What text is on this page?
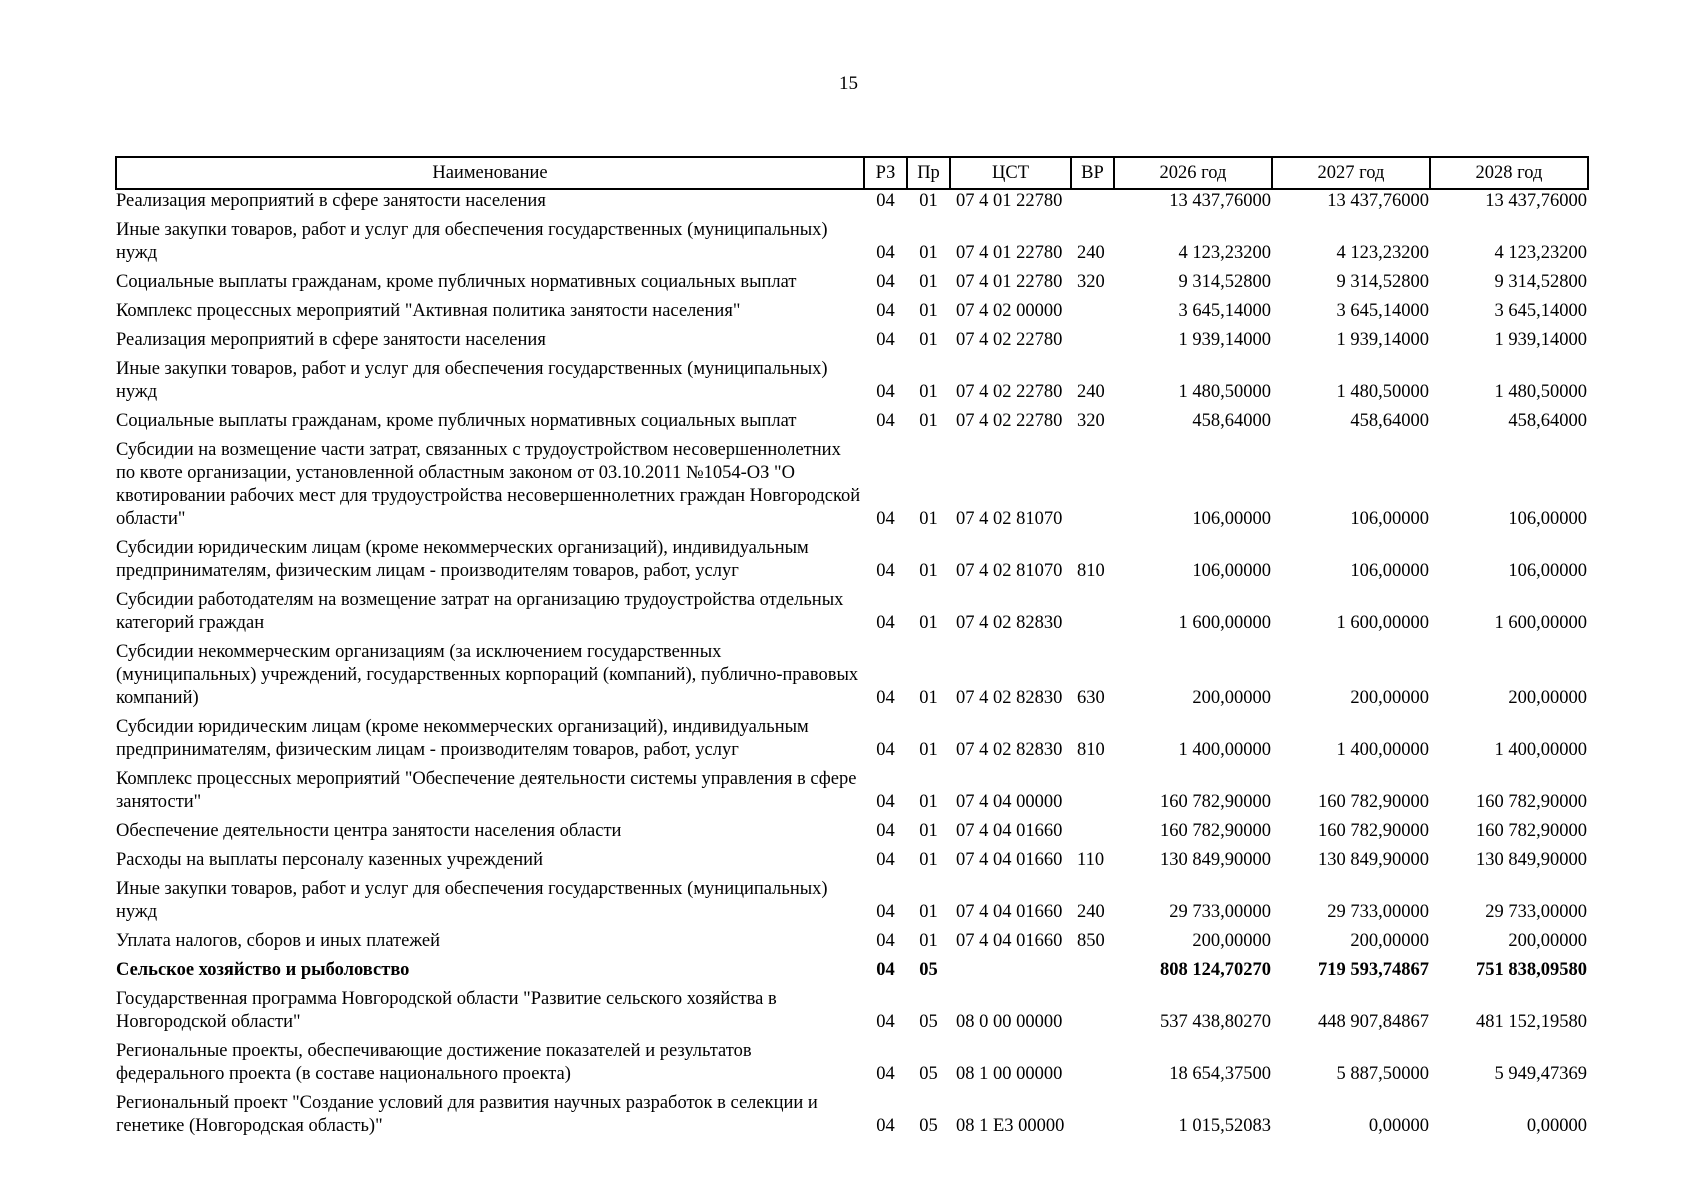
15
Наименование	РЗ	Пр	ЦСТ	ВР	2026 год	2027 год	2028 год
Реализация мероприятий в сфере занятости населения	04	01	07 4 01 22780		13 437,76000	13 437,76000	13 437,76000
Иные закупки товаров, работ и услуг для обеспечения государственных (муниципальных) нужд	04	01	07 4 01 22780	240	4 123,23200	4 123,23200	4 123,23200
Социальные выплаты гражданам, кроме публичных нормативных социальных выплат	04	01	07 4 01 22780	320	9 314,52800	9 314,52800	9 314,52800
Комплекс процессных мероприятий "Активная политика занятости населения"	04	01	07 4 02 00000		3 645,14000	3 645,14000	3 645,14000
Реализация мероприятий в сфере занятости населения	04	01	07 4 02 22780		1 939,14000	1 939,14000	1 939,14000
Иные закупки товаров, работ и услуг для обеспечения государственных (муниципальных) нужд	04	01	07 4 02 22780	240	1 480,50000	1 480,50000	1 480,50000
Социальные выплаты гражданам, кроме публичных нормативных социальных выплат	04	01	07 4 02 22780	320	458,64000	458,64000	458,64000
Субсидии на возмещение части затрат, связанных с трудоустройством несовершеннолетних по квоте организации, установленной областным законом от 03.10.2011 №1054-ОЗ "О квотировании рабочих мест для трудоустройства несовершеннолетних граждан Новгородской области"	04	01	07 4 02 81070		106,00000	106,00000	106,00000
Субсидии юридическим лицам (кроме некоммерческих организаций), индивидуальным предпринимателям, физическим лицам - производителям товаров, работ, услуг	04	01	07 4 02 81070	810	106,00000	106,00000	106,00000
Субсидии работодателям на возмещение затрат на организацию трудоустройства отдельных категорий граждан	04	01	07 4 02 82830		1 600,00000	1 600,00000	1 600,00000
Субсидии некоммерческим организациям (за исключением государственных (муниципальных) учреждений, государственных корпораций (компаний), публично-правовых компаний)	04	01	07 4 02 82830	630	200,00000	200,00000	200,00000
Субсидии юридическим лицам (кроме некоммерческих организаций), индивидуальным предпринимателям, физическим лицам - производителям товаров, работ, услуг	04	01	07 4 02 82830	810	1 400,00000	1 400,00000	1 400,00000
Комплекс процессных мероприятий "Обеспечение деятельности системы управления в сфере занятости"	04	01	07 4 04 00000		160 782,90000	160 782,90000	160 782,90000
Обеспечение деятельности центра занятости населения области	04	01	07 4 04 01660		160 782,90000	160 782,90000	160 782,90000
Расходы на выплаты персоналу казенных учреждений	04	01	07 4 04 01660	110	130 849,90000	130 849,90000	130 849,90000
Иные закупки товаров, работ и услуг для обеспечения государственных (муниципальных) нужд	04	01	07 4 04 01660	240	29 733,00000	29 733,00000	29 733,00000
Уплата налогов, сборов и иных платежей	04	01	07 4 04 01660	850	200,00000	200,00000	200,00000
Сельское хозяйство и рыболовство	04	05			808 124,70270	719 593,74867	751 838,09580
Государственная программа Новгородской области "Развитие сельского хозяйства в Новгородской области"	04	05	08 0 00 00000		537 438,80270	448 907,84867	481 152,19580
Региональные проекты, обеспечивающие достижение показателей и результатов федерального проекта (в составе национального проекта)	04	05	08 1 00 00000		18 654,37500	5 887,50000	5 949,47369
Региональный проект "Создание условий для развития научных разработок в селекции и генетике (Новгородская область)"	04	05	08 1 E3 00000		1 015,52083	0,00000	0,00000
